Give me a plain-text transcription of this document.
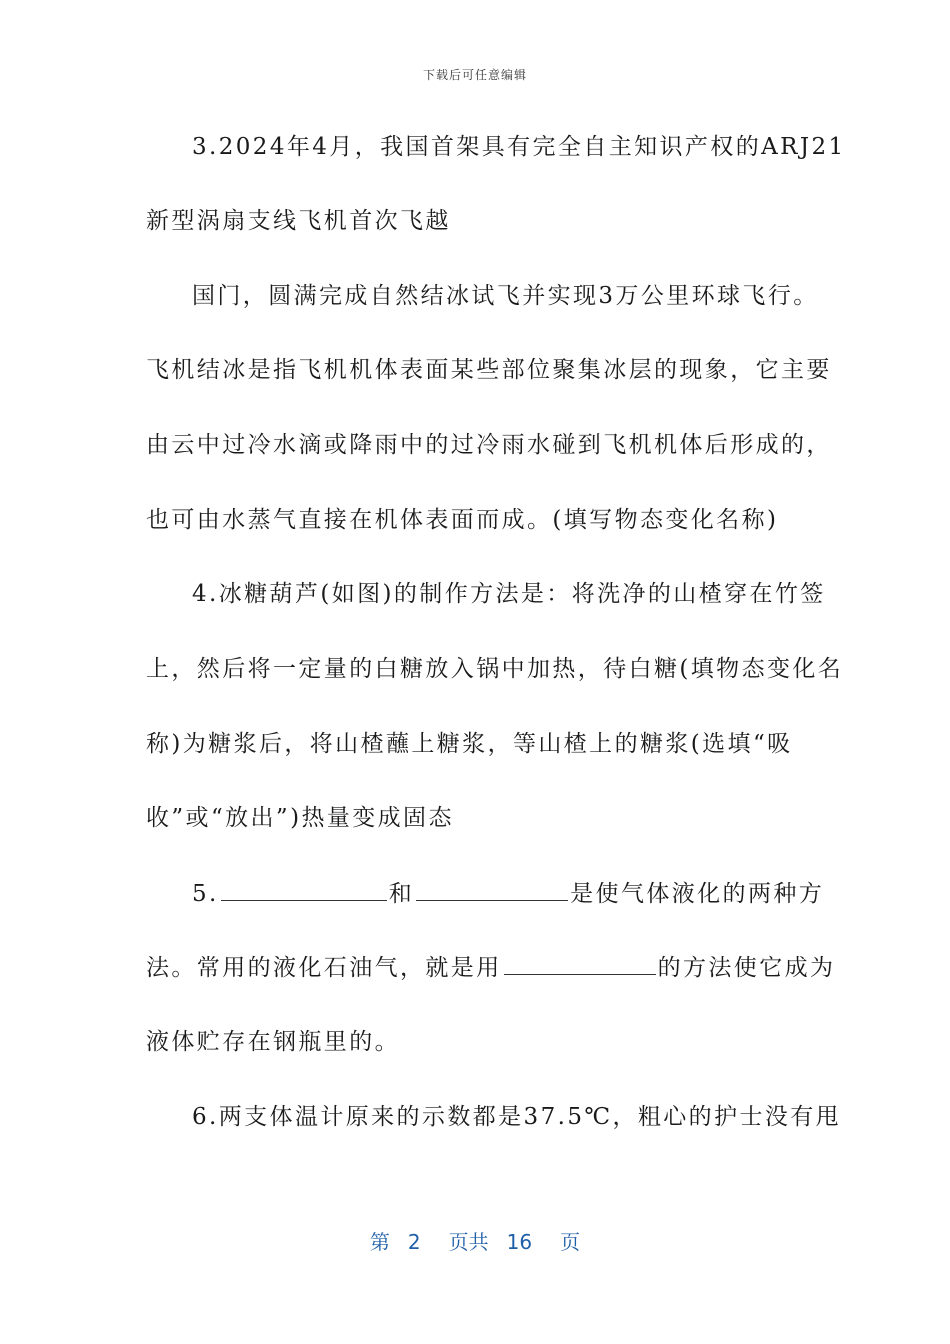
下载后可任意编辑
3.2024年4月，我国首架具有完全自主知识产权的ARJ21
新型涡扇支线飞机首次飞越
国门，圆满完成自然结冰试飞并实现3万公里环球飞行。
飞机结冰是指飞机机体表面某些部位聚集冰层的现象，它主要
由云中过冷水滴或降雨中的过冷雨水碰到飞机机体后形成的，
也可由水蒸气直接在机体表面而成。(填写物态变化名称)
4.冰糖葫芦(如图)的制作方法是：将洗净的山楂穿在竹签
上，然后将一定量的白糖放入锅中加热，待白糖(填物态变化名
称)为糖浆后，将山楂蘸上糖浆，等山楂上的糖浆(选填“吸
收”或“放出”)热量变成固态
5.	和	是使气体液化的两种方
法。常用的液化石油气，就是用	的方法使它成为
液体贮存在钢瓶里的。
6.两支体温计原来的示数都是37.5℃，粗心的护士没有甩
第 2 页共 16 页
